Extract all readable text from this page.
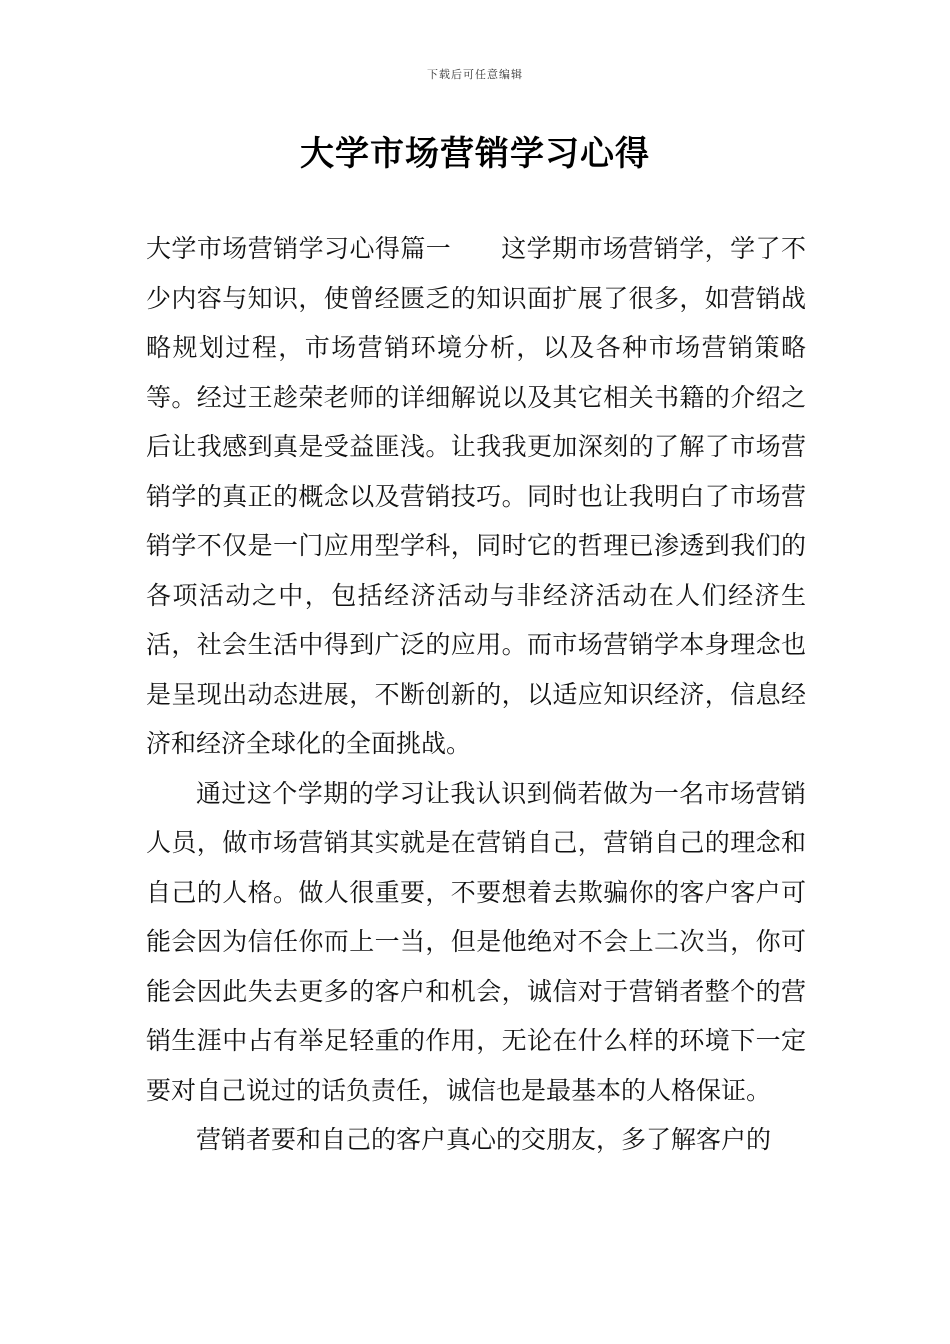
下载后可任意编辑
大学市场营销学习心得

大学市场营销学习心得篇一 这学期市场营销学，学了不少内容与知识，使曾经匮乏的知识面扩展了很多，如营销战略规划过程，市场营销环境分析，以及各种市场营销策略等。经过王趁荣老师的详细解说以及其它相关书籍的介绍之后让我感到真是受益匪浅。让我我更加深刻的了解了市场营销学的真正的概念以及营销技巧。同时也让我明白了市场营销学不仅是一门应用型学科，同时它的哲理已渗透到我们的各项活动之中，包括经济活动与非经济活动在人们经济生活，社会生活中得到广泛的应用。而市场营销学本身理念也是呈现出动态进展，不断创新的，以适应知识经济，信息经济和经济全球化的全面挑战。

通过这个学期的学习让我认识到倘若做为一名市场营销人员，做市场营销其实就是在营销自己，营销自己的理念和自己的人格。做人很重要，不要想着去欺骗你的客户客户可能会因为信任你而上一当，但是他绝对不会上二次当，你可能会因此失去更多的客户和机会，诚信对于营销者整个的营销生涯中占有举足轻重的作用，无论在什么样的环境下一定要对自己说过的话负责任，诚信也是最基本的人格保证。

营销者要和自己的客户真心的交朋友，多了解客户的
